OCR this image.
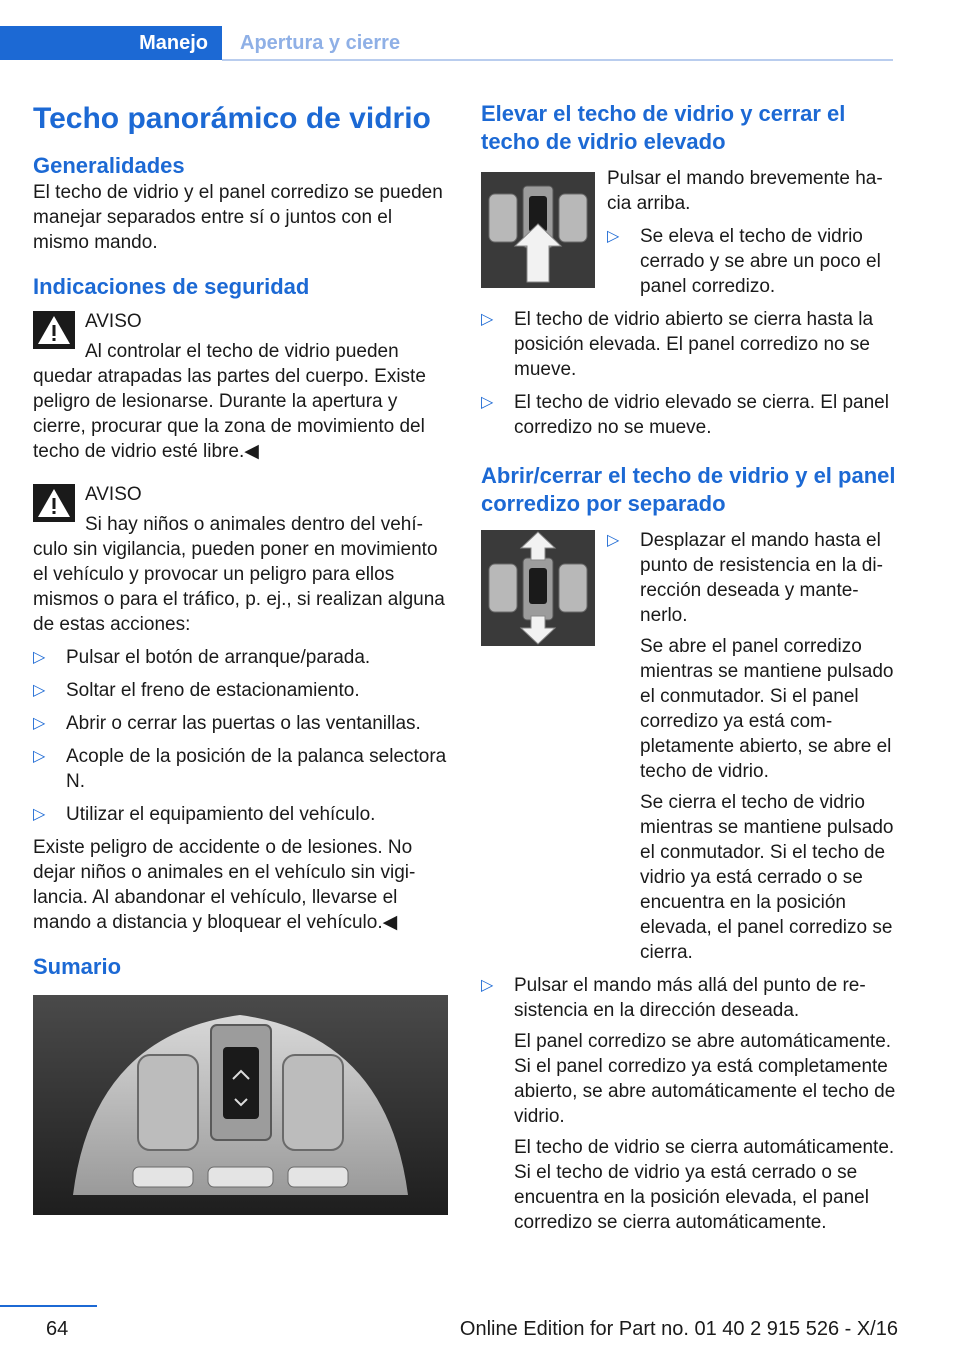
Manejo	Apertura y cierre
Techo panorámico de vidrio
Generalidades

El techo de vidrio y el panel corredizo se pueden manejar separados entre sí o juntos con el mismo mando.

Indicaciones de seguridad
AVISO
Al controlar el techo de vidrio pueden quedar atrapadas las partes del cuerpo. Existe peligro de lesionarse. Durante la apertura y cierre, procurar que la zona de movimiento del techo de vidrio esté libre.◀
AVISO
Si hay niños o animales dentro del vehículo sin vigilancia, pueden poner en movimiento el vehículo y provocar un peligro para ellos mismos o para el tráfico, p. ej., si realizan alguna de estas acciones:
▷ Pulsar el botón de arranque/parada.
▷ Soltar el freno de estacionamiento.
▷ Abrir o cerrar las puertas o las ventanillas.
▷ Acople de la posición de la palanca selectora N.
▷ Utilizar el equipamiento del vehículo.

Existe peligro de accidente o de lesiones. No dejar niños o animales en el vehículo sin vigilancia. Al abandonar el vehículo, llevarse el mando a distancia y bloquear el vehículo.◀

Sumario
Elevar el techo de vidrio y cerrar el techo de vidrio elevado

Pulsar el mando brevemente hacia arriba.

▷ Se eleva el techo de vidrio cerrado y se abre un poco el panel corredizo.
▷ El techo de vidrio abierto se cierra hasta la posición elevada. El panel corredizo no se mueve.
▷ El techo de vidrio elevado se cierra. El panel corredizo no se mueve.
Abrir/cerrar el techo de vidrio y el panel corredizo por separado
▷ Desplazar el mando hasta el punto de resistencia en la dirección deseada y mantenerlo.

Se abre el panel corredizo mientras se mantiene pulsado el conmutador. Si el panel corredizo ya está completamente abierto, se abre el techo de vidrio.

Se cierra el techo de vidrio mientras se mantiene pulsado el conmutador. Si el techo de vidrio ya está cerrado o se encuentra en la posición elevada, el panel corredizo se cierra.

▷ Pulsar el mando más allá del punto de resistencia en la dirección deseada.

El panel corredizo se abre automáticamente. Si el panel corredizo ya está completamente abierto, se abre automáticamente el techo de vidrio.

El techo de vidrio se cierra automáticamente. Si el techo de vidrio ya está cerrado o se encuentra en la posición elevada, el panel corredizo se cierra automáticamente.

64	Online Edition for Part no. 01 40 2 915 526 - X/16
